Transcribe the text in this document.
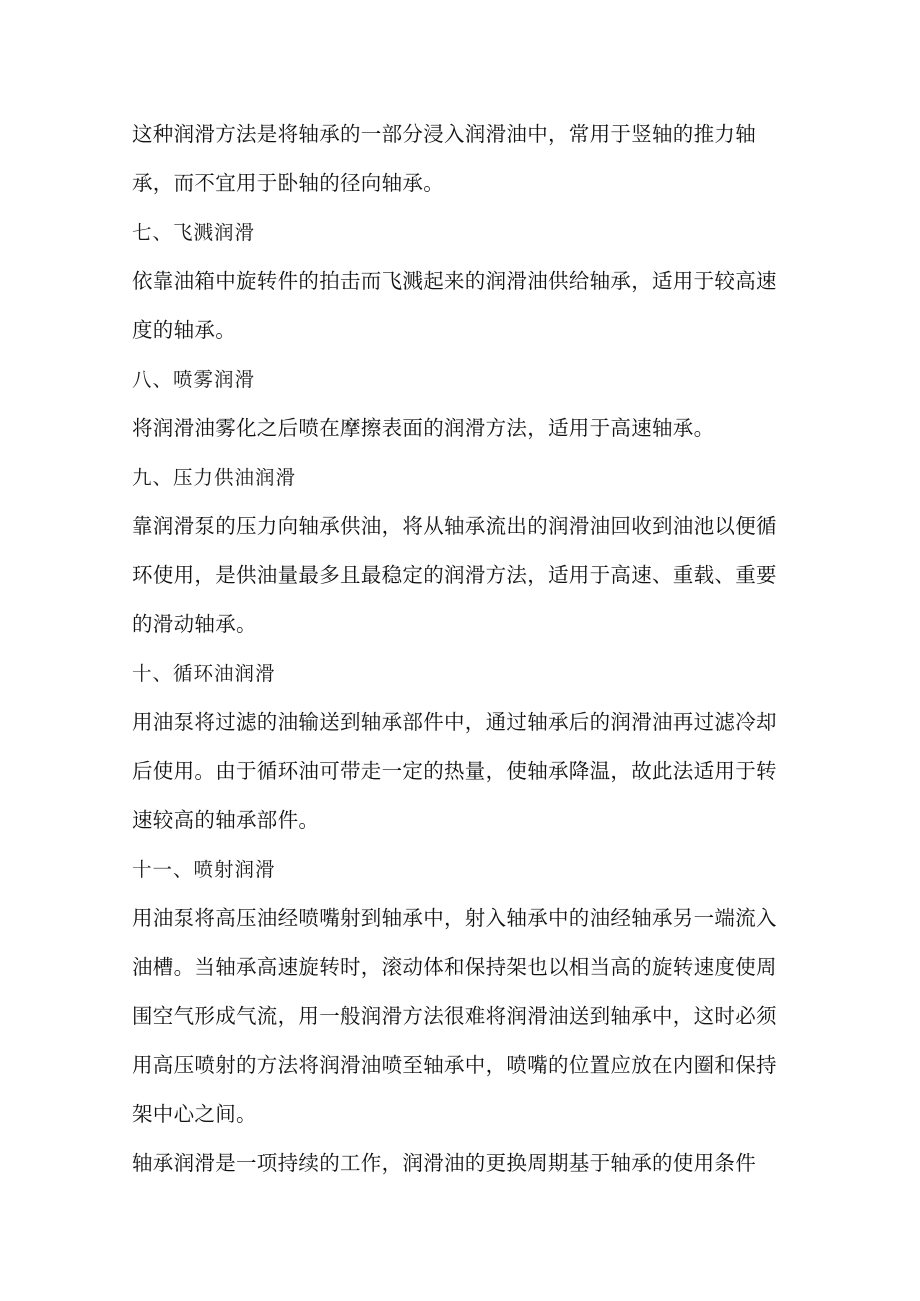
这种润滑方法是将轴承的一部分浸入润滑油中，常用于竖轴的推力轴承，而不宜用于卧轴的径向轴承。

七、飞溅润滑

依靠油箱中旋转件的拍击而飞溅起来的润滑油供给轴承，适用于较高速度的轴承。

八、喷雾润滑

将润滑油雾化之后喷在摩擦表面的润滑方法，适用于高速轴承。

九、压力供油润滑

靠润滑泵的压力向轴承供油，将从轴承流出的润滑油回收到油池以便循环使用，是供油量最多且最稳定的润滑方法，适用于高速、重载、重要的滑动轴承。

十、循环油润滑

用油泵将过滤的油输送到轴承部件中，通过轴承后的润滑油再过滤冷却后使用。由于循环油可带走一定的热量，使轴承降温，故此法适用于转速较高的轴承部件。

十一、喷射润滑

用油泵将高压油经喷嘴射到轴承中，射入轴承中的油经轴承另一端流入油槽。当轴承高速旋转时，滚动体和保持架也以相当高的旋转速度使周围空气形成气流，用一般润滑方法很难将润滑油送到轴承中，这时必须用高压喷射的方法将润滑油喷至轴承中，喷嘴的位置应放在内圈和保持架中心之间。

轴承润滑是一项持续的工作，润滑油的更换周期基于轴承的使用条件
